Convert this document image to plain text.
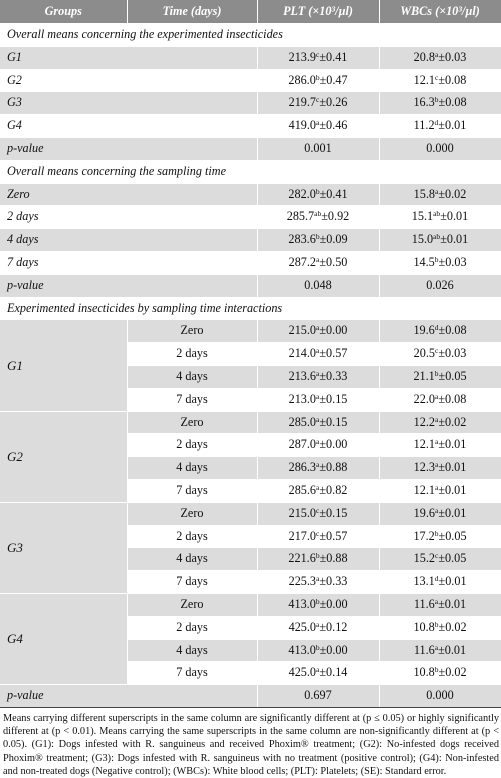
Groups	Time (days)	PLT (×10³/µl)	WBCs (×10³/µl)
Overall means concerning the experimented insecticides			
G1		213.9$^c$±0.41	20.8$^a$±0.03
G2		286.0$^b$±0.47	12.1$^c$±0.08
G3		219.7$^c$±0.26	16.3$^b$±0.08
G4		419.0$^a$±0.46	11.2$^d$±0.01
p-value		0.001	0.000
Overall means concerning the sampling time			
Zero		282.0$^b$±0.41	15.8$^a$±0.02
2 days		285.7$^{ab}$±0.92	15.1$^{ab}$±0.01
4 days		283.6$^b$±0.09	15.0$^{ab}$±0.01
7 days		287.2$^a$±0.50	14.5$^b$±0.03
p-value		0.048	0.026
Experimented insecticides by sampling time interactions			
G1	Zero	215.0$^a$±0.00	19.6$^d$±0.08
	2 days	214.0$^a$±0.57	20.5$^c$±0.03
	4 days	213.6$^a$±0.33	21.1$^b$±0.05
	7 days	213.0$^a$±0.15	22.0$^a$±0.08
G2	Zero	285.0$^a$±0.15	12.2$^a$±0.02
	2 days	287.0$^a$±0.00	12.1$^a$±0.01
	4 days	286.3$^a$±0.88	12.3$^a$±0.01
	7 days	285.6$^a$±0.82	12.1$^a$±0.01
G3	Zero	215.0$^c$±0.15	19.6$^a$±0.01
	2 days	217.0$^c$±0.57	17.2$^b$±0.05
	4 days	221.6$^b$±0.88	15.2$^c$±0.05
	7 days	225.3$^a$±0.33	13.1$^d$±0.01
G4	Zero	413.0$^b$±0.00	11.6$^a$±0.01
	2 days	425.0$^a$±0.12	10.8$^b$±0.02
	4 days	413.0$^b$±0.00	11.6$^a$±0.01
	7 days	425.0$^a$±0.14	10.8$^b$±0.02
p-value		0.697	0.000
Means carrying different superscripts in the same column are significantly different at (p ≤ 0.05) or highly significantly different at (p < 0.01). Means carrying the same superscripts in the same column are non-significantly different at (p < 0.05). (G1): Dogs infested with R. sanguineus and received Phoxim® treatment; (G2): No-infested dogs received Phoxim® treatment; (G3): Dogs infested with R. sanguineus with no treatment (positive control); (G4): Non-infested and non-treated dogs (Negative control); (WBCs): White blood cells; (PLT): Platelets; (SE): Standard error.
